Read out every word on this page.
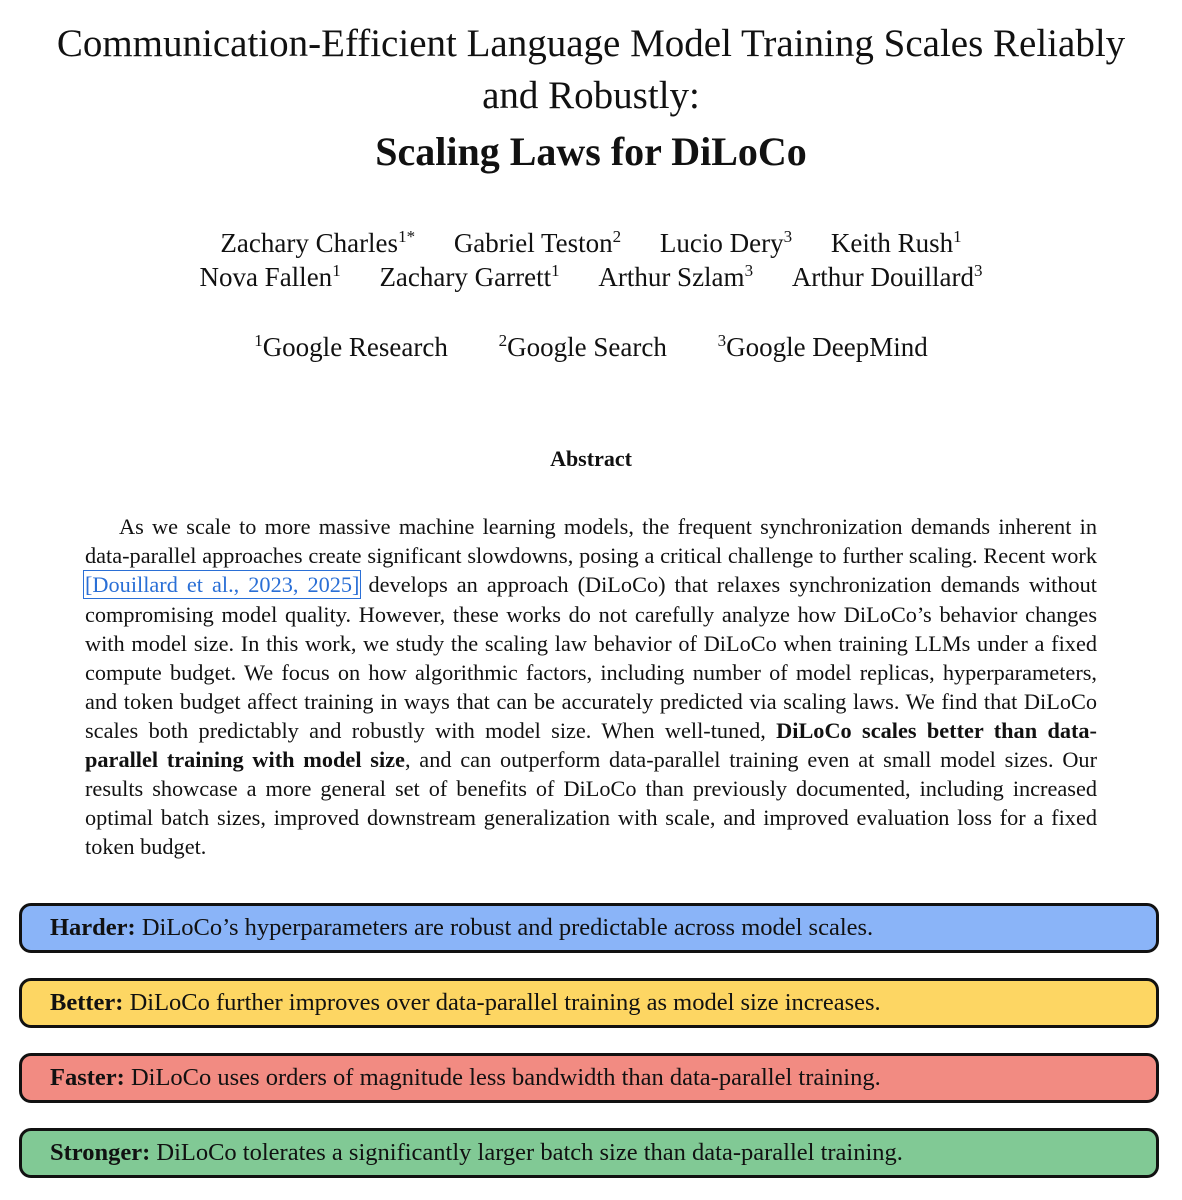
Communication-Efficient Language Model Training Scales Reliably
and Robustly:
Scaling Laws for DiLoCo
Zachary Charles$^{1*}$ Gabriel Teston$^2$ Lucio Dery$^3$ Keith Rush$^1$
Nova Fallen$^1$ Zachary Garrett$^1$ Arthur Szlam$^3$ Arthur Douillard$^3$
$^1$Google Research	$^2$Google Search	$^3$Google DeepMind
Abstract

As we scale to more massive machine learning models, the frequent synchronization demands inherent in data-parallel approaches create significant slowdowns, posing a critical challenge to further scaling. Recent work [Douillard et al., 2023, 2025] develops an approach (DiLoCo) that relaxes synchronization demands without compromising model quality. However, these works do not carefully analyze how DiLoCo’s behavior changes with model size. In this work, we study the scaling law behavior of DiLoCo when training LLMs under a fixed compute budget. We focus on how algorithmic factors, including number of model replicas, hyperparameters, and token budget affect training in ways that can be accurately predicted via scaling laws. We find that DiLoCo scales both predictably and robustly with model size. When well-tuned, DiLoCo scales better than data-parallel training with model size, and can outperform data-parallel training even at small model sizes. Our results showcase a more general set of benefits of DiLoCo than previously documented, including increased optimal batch sizes, improved downstream generalization with scale, and improved evaluation loss for a fixed token budget.

Harder: DiLoCo’s hyperparameters are robust and predictable across model scales.
Better: DiLoCo further improves over data-parallel training as model size increases.
Faster: DiLoCo uses orders of magnitude less bandwidth than data-parallel training.
Stronger: DiLoCo tolerates a significantly larger batch size than data-parallel training.
